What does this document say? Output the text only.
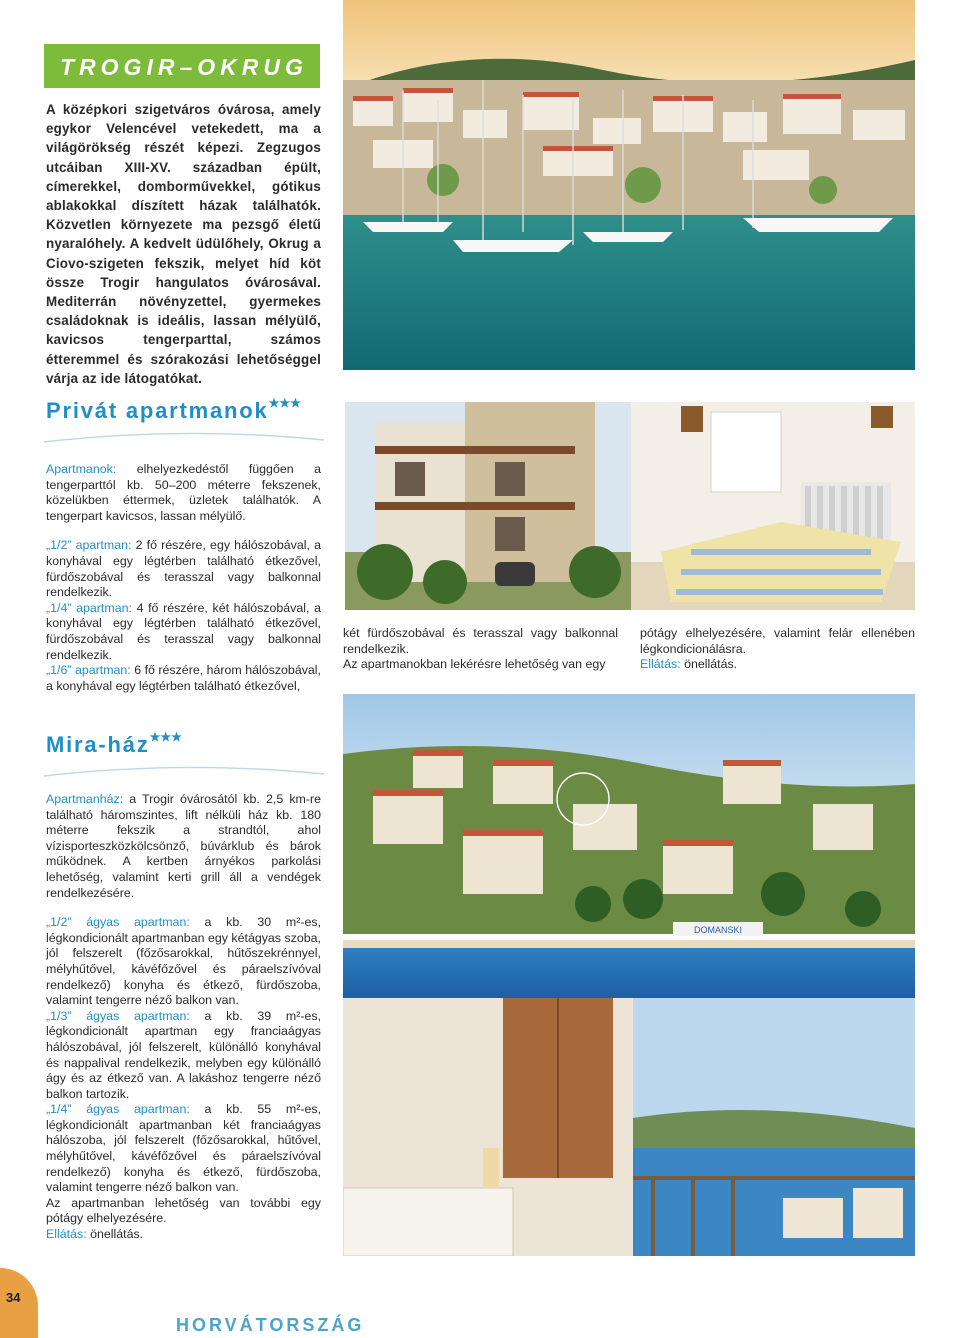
TROGIR–OKRUG
A középkori szigetváros óvárosa, amely egykor Velencével vetekedett, ma a világörökség részét képezi. Zegzugos utcáiban XIII-XV. században épült, címerekkel, domborművekkel, gótikus ablakokkal díszített házak találhatók. Közvetlen környezete ma pezsgő életű nyaralóhely. A kedvelt üdülőhely, Okrug a Ciovo-szigeten fekszik, melyet híd köt össze Trogir hangulatos óvárosával. Mediterrán növényzettel, gyermekes családoknak is ideális, lassan mélyülő, kavicsos tengerparttal, számos étteremmel és szórakozási lehetőséggel várja az ide látogatókat.
Privát apartmanok★★★
Apartmanok: elhelyezkedéstől függően a tengerparttól kb. 50–200 méterre fekszenek, közelükben éttermek, üzletek találhatók. A tengerpart kavicsos, lassan mélyülő.
„1/2” apartman: 2 fő részére, egy hálószobával, a konyhával egy légtérben található étkezővel, fürdőszobával és terasszal vagy balkonnal rendelkezik.
„1/4” apartman: 4 fő részére, két hálószobával, a konyhával egy légtérben található étkezővel, fürdőszobával és terasszal vagy balkonnal rendelkezik.
„1/6” apartman: 6 fő részére, három hálószobával, a konyhával egy légtérben található étkezővel,
két fürdőszobával és terasszal vagy balkonnal rendelkezik.
Az apartmanokban lekérésre lehetőség van egy
pótágy elhelyezésére, valamint felár ellenében légkondicionálásra.
Ellátás: önellátás.
Mira-ház★★★
Apartmanház: a Trogir óvárosától kb. 2,5 km-re található háromszintes, lift nélküli ház kb. 180 méterre fekszik a strandtól, ahol vízisporteszközkölcsönző, búvárklub és bárok működnek. A kertben árnyékos parkolási lehetőség, valamint kerti grill áll a vendégek rendelkezésére.
„1/2” ágyas apartman: a kb. 30 m²-es, légkondicionált apartmanban egy kétágyas szoba, jól felszerelt (főzősarokkal, hűtőszekrénnyel, mélyhűtővel, kávéfőzővel és páraelszívóval rendelkező) konyha és étkező, fürdőszoba, valamint tengerre néző balkon van.
„1/3” ágyas apartman: a kb. 39 m²-es, légkondicionált apartman egy franciaágyas hálószobával, jól felszerelt, különálló konyhával és nappalival rendelkezik, melyben egy különálló ágy és az étkező van. A lakáshoz tengerre néző balkon tartozik.
„1/4” ágyas apartman: a kb. 55 m²-es, légkondicionált apartmanban két franciaágyas hálószoba, jól felszerelt (főzősarokkal, hűtővel, mélyhűtővel, kávéfőzővel és páraelszívóval rendelkező) konyha és étkező, fürdőszoba, valamint tengerre néző balkon van.
Az apartmanban lehetőség van további egy pótágy elhelyezésére.
Ellátás: önellátás.
DOMANSKI
34
HORVÁTORSZÁG
